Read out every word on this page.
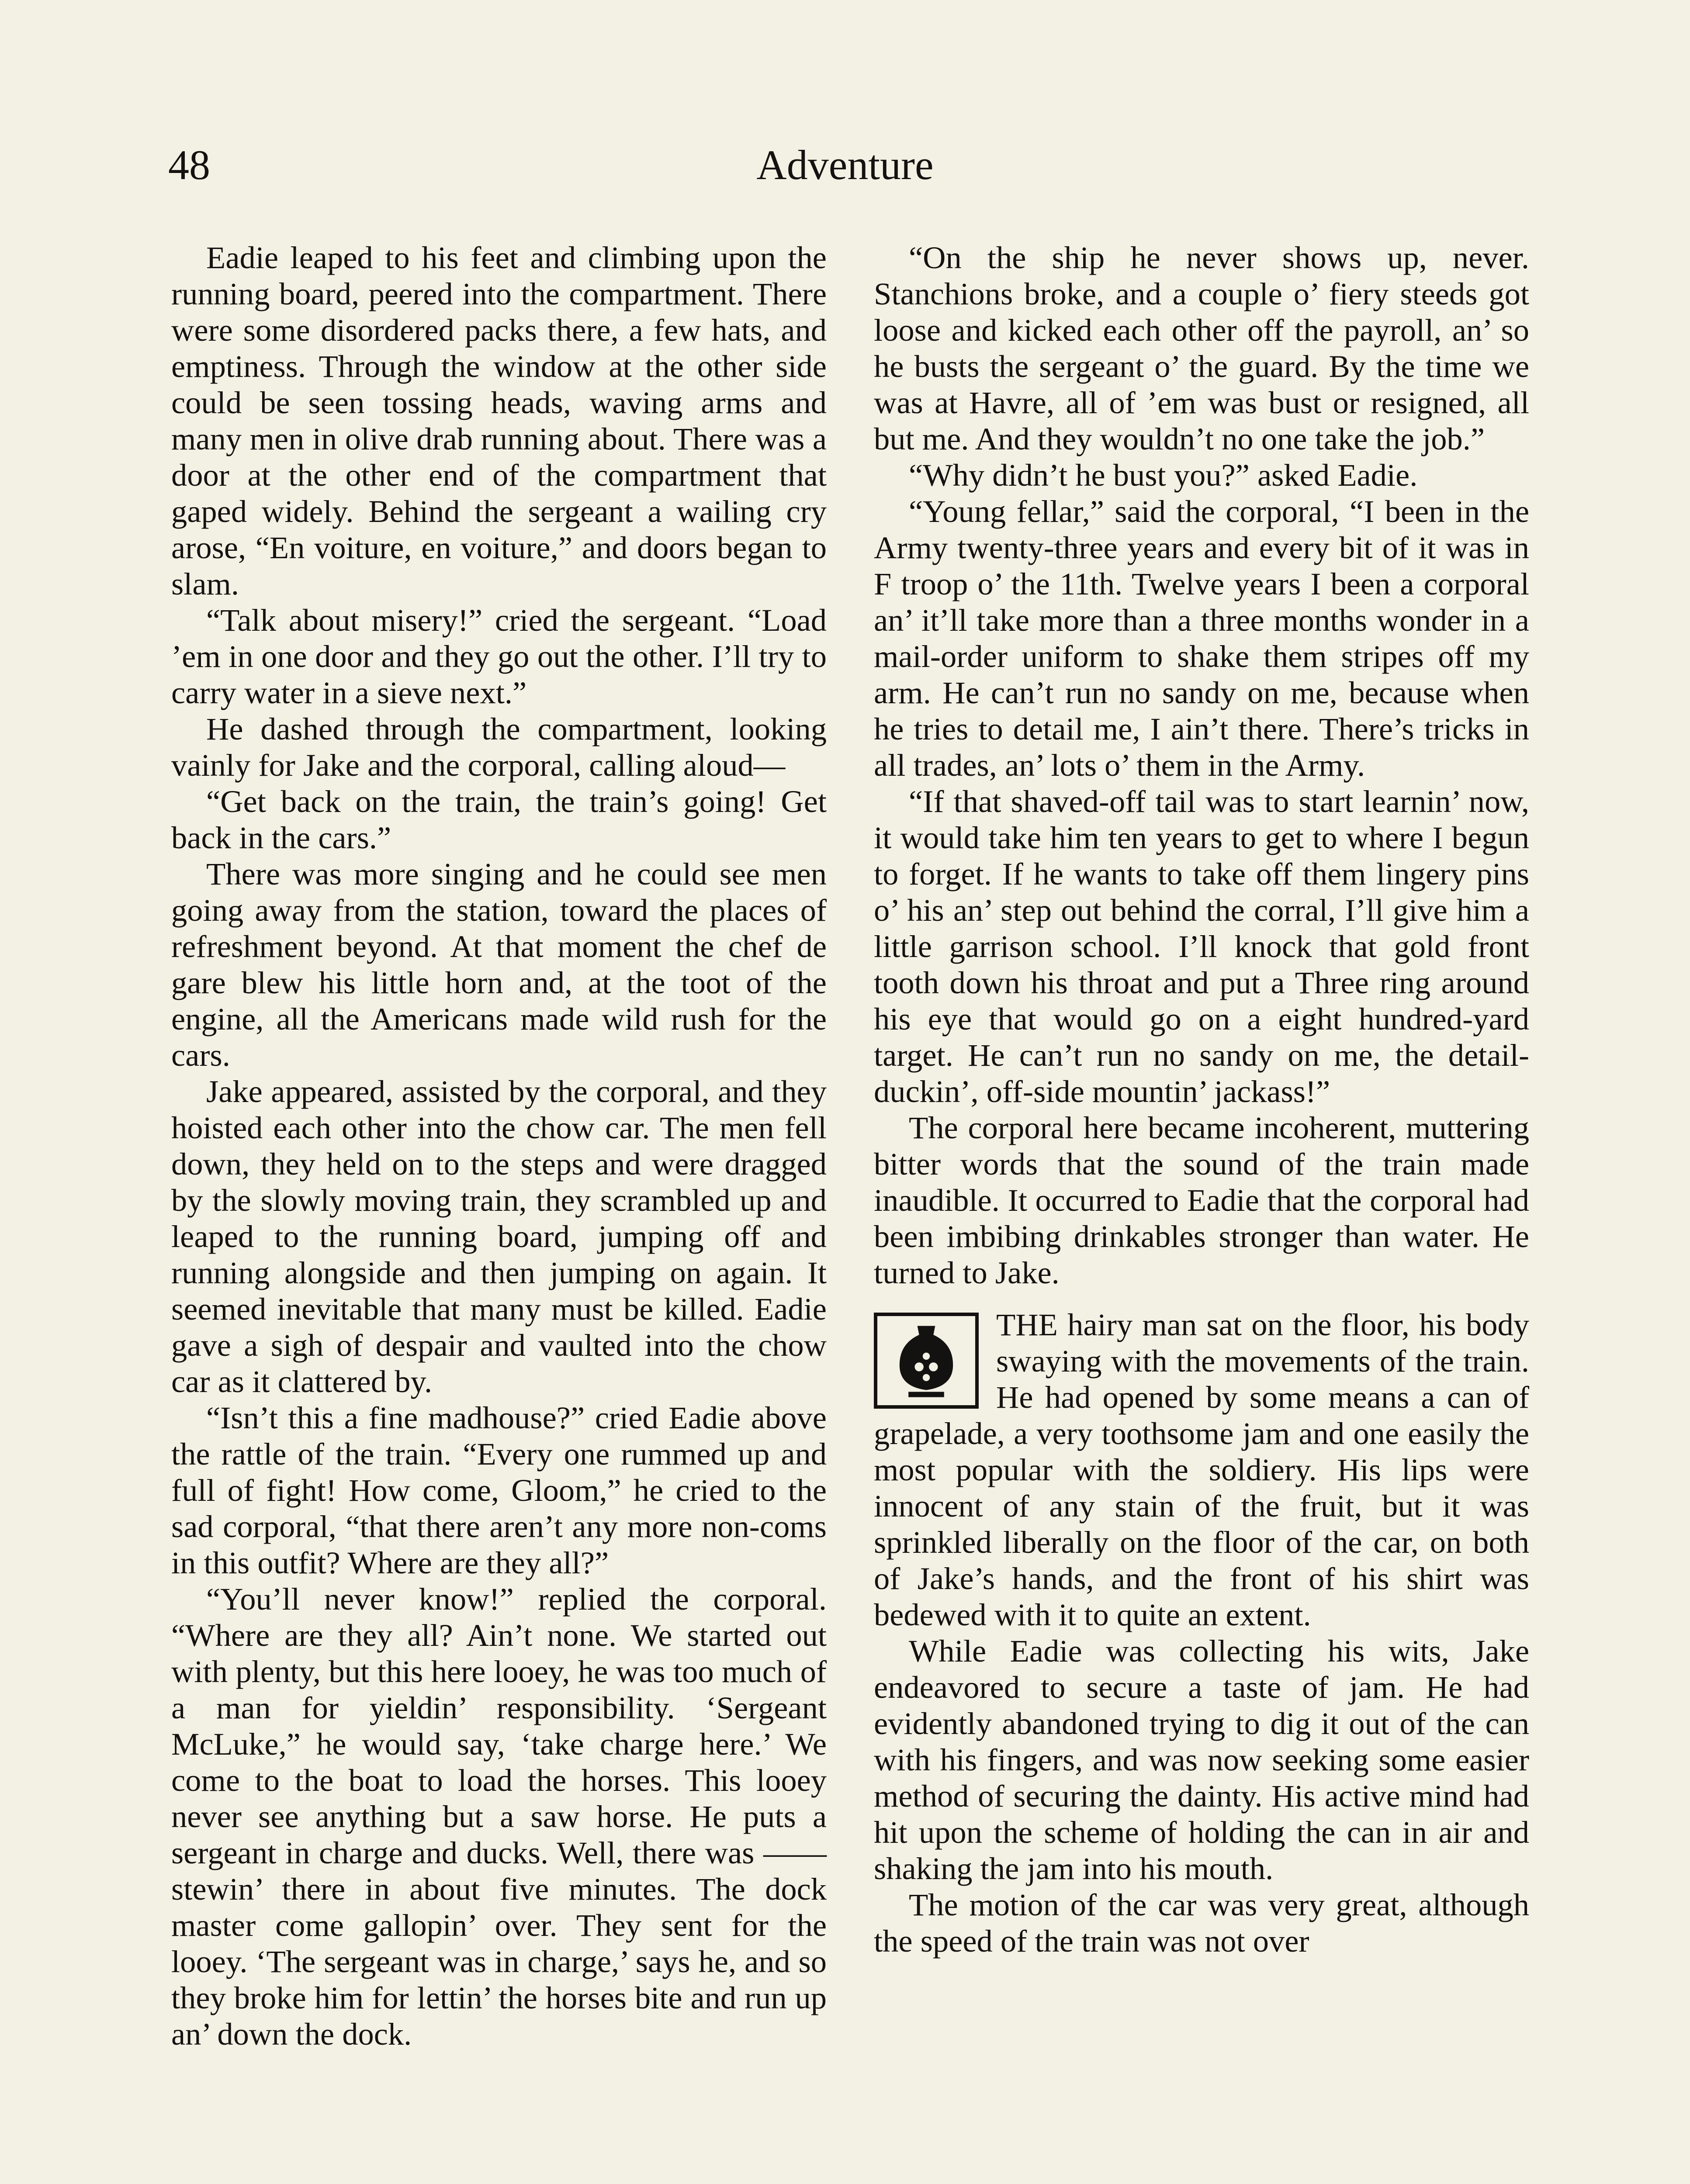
48	Adventure

Eadie leaped to his feet and climbing upon the running board, peered into the compartment. There were some disordered packs there, a few hats, and emptiness. Through the window at the other side could be seen tossing heads, waving arms and many men in olive drab running about. There was a door at the other end of the compartment that gaped widely. Behind the sergeant a wailing cry arose, “En voiture, en voiture,” and doors began to slam.

“Talk about misery!” cried the sergeant. “Load ’em in one door and they go out the other. I’ll try to carry water in a sieve next.”

He dashed through the compartment, looking vainly for Jake and the corporal, calling aloud—

“Get back on the train, the train’s going! Get back in the cars.”

There was more singing and he could see men going away from the station, toward the places of refreshment beyond. At that moment the chef de gare blew his little horn and, at the toot of the engine, all the Americans made wild rush for the cars.

Jake appeared, assisted by the corporal, and they hoisted each other into the chow car. The men fell down, they held on to the steps and were dragged by the slowly moving train, they scrambled up and leaped to the running board, jumping off and running alongside and then jumping on again. It seemed inevitable that many must be killed. Eadie gave a sigh of despair and vaulted into the chow car as it clattered by.

“Isn’t this a fine madhouse?” cried Eadie above the rattle of the train. “Every one rummed up and full of fight! How come, Gloom,” he cried to the sad corporal, “that there aren’t any more non-coms in this outfit? Where are they all?”

“You’ll never know!” replied the corporal. “Where are they all? Ain’t none. We started out with plenty, but this here looey, he was too much of a man for yieldin’ responsibility. ‘Sergeant McLuke,” he would say, ‘take charge here.’ We come to the boat to load the horses. This looey never see anything but a saw horse. He puts a sergeant in charge and ducks. Well, there was —— stewin’ there in about five minutes. The dock master come gallopin’ over. They sent for the looey. ‘The sergeant was in charge,’ says he, and so they broke him for lettin’ the horses bite and run up an’ down the dock.

“On the ship he never shows up, never. Stanchions broke, and a couple o’ fiery steeds got loose and kicked each other off the payroll, an’ so he busts the sergeant o’ the guard. By the time we was at Havre, all of ’em was bust or resigned, all but me. And they wouldn’t no one take the job.”

“Why didn’t he bust you?” asked Eadie.

“Young fellar,” said the corporal, “I been in the Army twenty-three years and every bit of it was in F troop o’ the 11th. Twelve years I been a corporal an’ it’ll take more than a three months wonder in a mail-order uniform to shake them stripes off my arm. He can’t run no sandy on me, because when he tries to detail me, I ain’t there. There’s tricks in all trades, an’ lots o’ them in the Army.

“If that shaved-off tail was to start learnin’ now, it would take him ten years to get to where I begun to forget. If he wants to take off them lingery pins o’ his an’ step out behind the corral, I’ll give him a little garrison school. I’ll knock that gold front tooth down his throat and put a Three ring around his eye that would go on a eight hundred-yard target. He can’t run no sandy on me, the detail-duckin’, off-side mountin’ jackass!”

The corporal here became incoherent, muttering bitter words that the sound of the train made inaudible. It occurred to Eadie that the corporal had been imbibing drinkables stronger than water. He turned to Jake.

THE hairy man sat on the floor, his body swaying with the movements of the train. He had opened by some means a can of grapelade, a very toothsome jam and one easily the most popular with the soldiery. His lips were innocent of any stain of the fruit, but it was sprinkled liberally on the floor of the car, on both of Jake’s hands, and the front of his shirt was bedewed with it to quite an extent.

While Eadie was collecting his wits, Jake endeavored to secure a taste of jam. He had evidently abandoned trying to dig it out of the can with his fingers, and was now seeking some easier method of securing the dainty. His active mind had hit upon the scheme of holding the can in air and shaking the jam into his mouth.

The motion of the car was very great, although the speed of the train was not over
